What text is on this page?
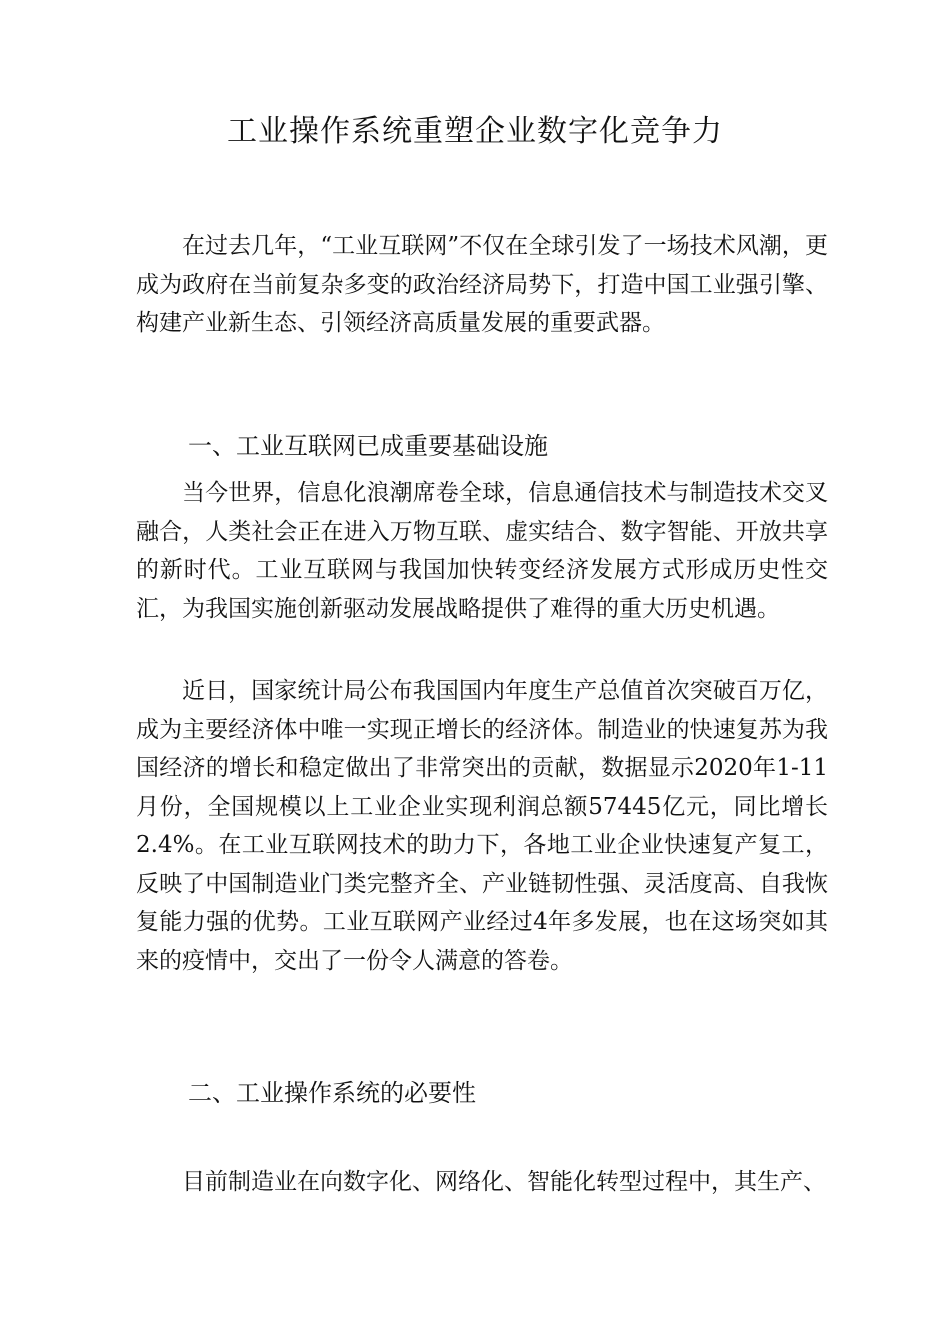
工业操作系统重塑企业数字化竞争力

在过去几年，“工业互联网”不仅在全球引发了一场技术风潮，更成为政府在当前复杂多变的政治经济局势下，打造中国工业强引擎、构建产业新生态、引领经济高质量发展的重要武器。

一、工业互联网已成重要基础设施

当今世界，信息化浪潮席卷全球，信息通信技术与制造技术交叉融合，人类社会正在进入万物互联、虚实结合、数字智能、开放共享的新时代。工业互联网与我国加快转变经济发展方式形成历史性交汇，为我国实施创新驱动发展战略提供了难得的重大历史机遇。

近日，国家统计局公布我国国内年度生产总值首次突破百万亿，成为主要经济体中唯一实现正增长的经济体。制造业的快速复苏为我国经济的增长和稳定做出了非常突出的贡献，数据显示2020年1-11月份，全国规模以上工业企业实现利润总额57445亿元，同比增长2.4%。在工业互联网技术的助力下，各地工业企业快速复产复工，反映了中国制造业门类完整齐全、产业链韧性强、灵活度高、自我恢复能力强的优势。工业互联网产业经过4年多发展，也在这场突如其来的疫情中，交出了一份令人满意的答卷。

二、工业操作系统的必要性

目前制造业在向数字化、网络化、智能化转型过程中，其生产、
